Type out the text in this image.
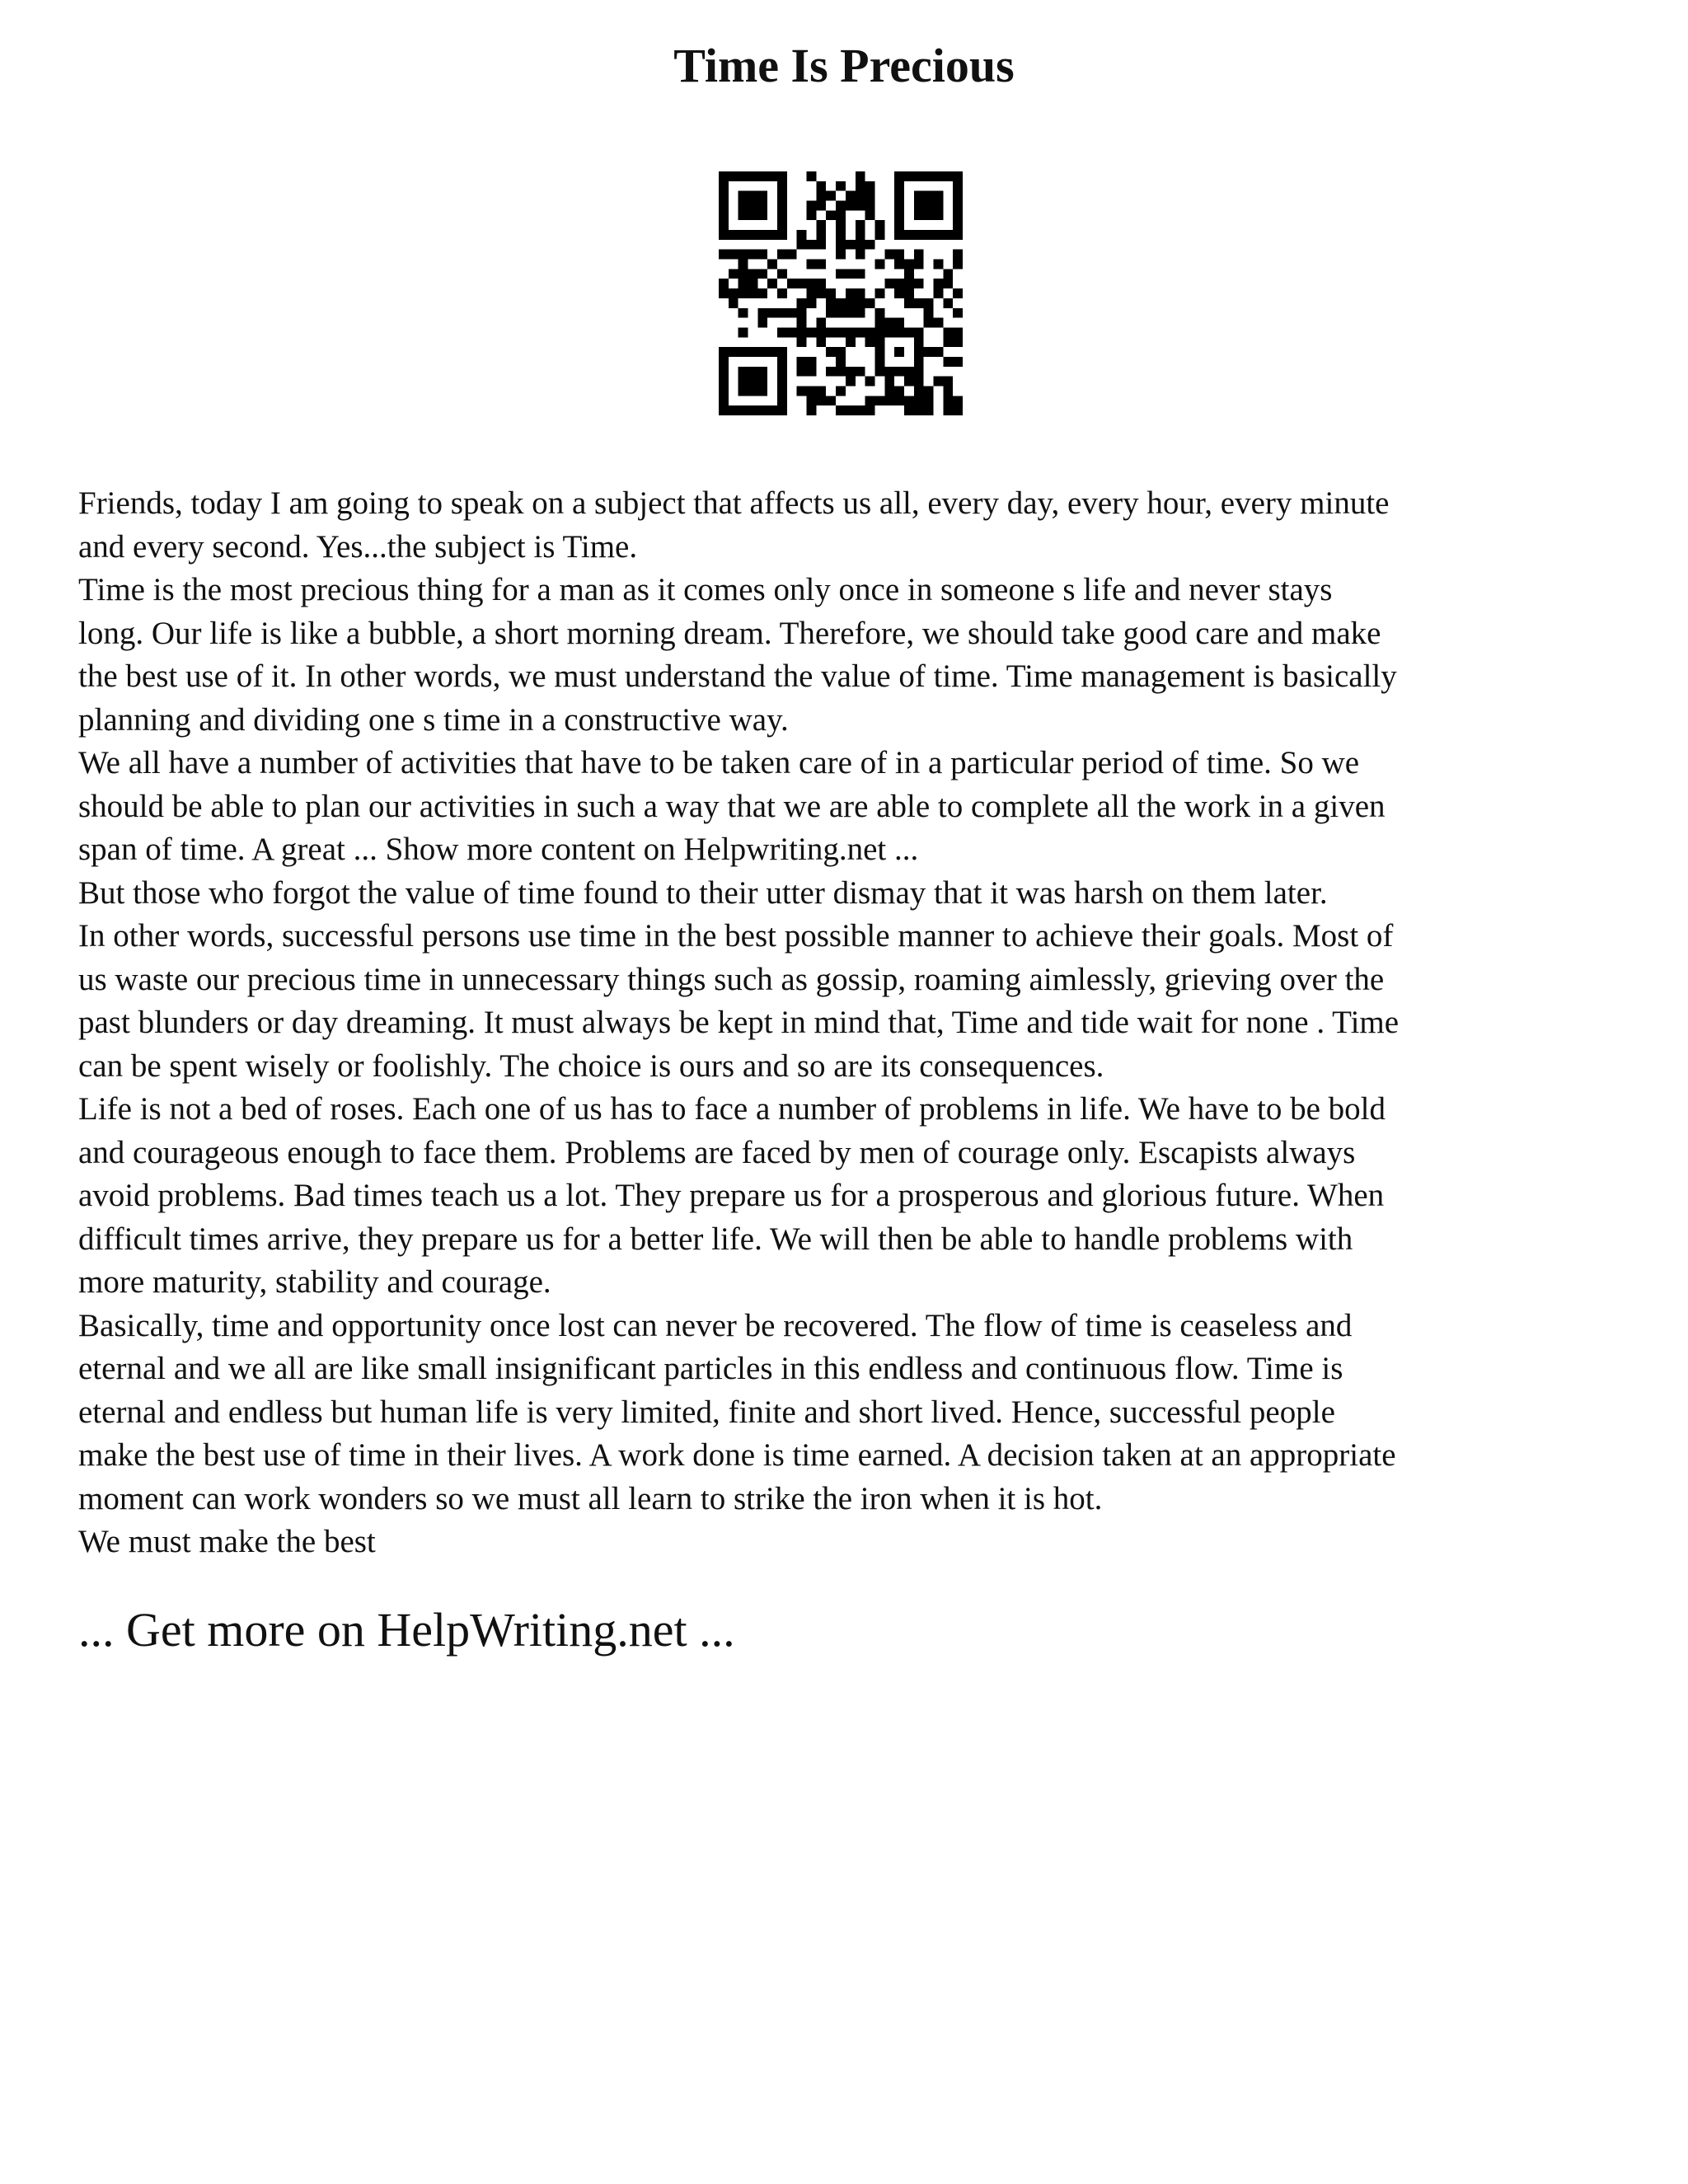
Time Is Precious

Friends, today I am going to speak on a subject that affects us all, every day, every hour, every minute
and every second. Yes...the subject is Time.
Time is the most precious thing for a man as it comes only once in someone s life and never stays
long. Our life is like a bubble, a short morning dream. Therefore, we should take good care and make
the best use of it. In other words, we must understand the value of time. Time management is basically
planning and dividing one s time in a constructive way.
We all have a number of activities that have to be taken care of in a particular period of time. So we
should be able to plan our activities in such a way that we are able to complete all the work in a given
span of time. A great ... Show more content on Helpwriting.net ...
But those who forgot the value of time found to their utter dismay that it was harsh on them later.
In other words, successful persons use time in the best possible manner to achieve their goals. Most of
us waste our precious time in unnecessary things such as gossip, roaming aimlessly, grieving over the
past blunders or day dreaming. It must always be kept in mind that, Time and tide wait for none . Time
can be spent wisely or foolishly. The choice is ours and so are its consequences.
Life is not a bed of roses. Each one of us has to face a number of problems in life. We have to be bold
and courageous enough to face them. Problems are faced by men of courage only. Escapists always
avoid problems. Bad times teach us a lot. They prepare us for a prosperous and glorious future. When
difficult times arrive, they prepare us for a better life. We will then be able to handle problems with
more maturity, stability and courage.
Basically, time and opportunity once lost can never be recovered. The flow of time is ceaseless and
eternal and we all are like small insignificant particles in this endless and continuous flow. Time is
eternal and endless but human life is very limited, finite and short lived. Hence, successful people
make the best use of time in their lives. A work done is time earned. A decision taken at an appropriate
moment can work wonders so we must all learn to strike the iron when it is hot.
We must make the best

... Get more on HelpWriting.net ...
